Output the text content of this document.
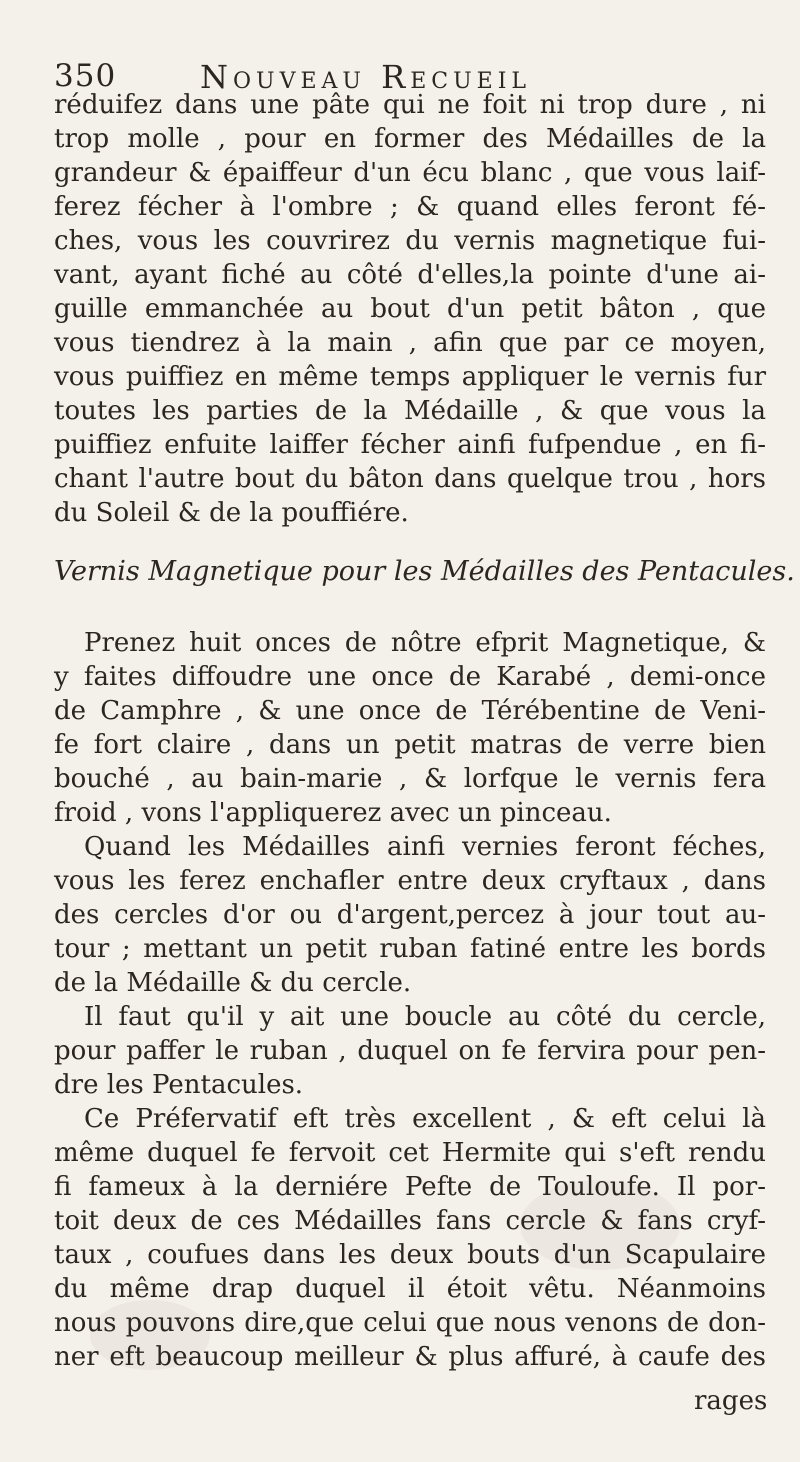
350	Nouveau Recueil
réduifez dans une pâte qui ne foit ni trop dure , ni
trop molle , pour en former des Médailles de la
grandeur & épaiffeur d'un écu blanc , que vous laif-
ferez fécher à l'ombre ; & quand elles feront fé-
ches, vous les couvrirez du vernis magnetique fui-
vant, ayant fiché au côté d'elles,la pointe d'une ai-
guille emmanchée au bout d'un petit bâton , que
vous tiendrez à la main , afin que par ce moyen,
vous puiffiez en même temps appliquer le vernis fur
toutes les parties de la Médaille , & que vous la
puiffiez enfuite laiffer fécher ainfi fufpendue , en fi-
chant l'autre bout du bâton dans quelque trou , hors
du Soleil & de la pouffiére.
Vernis Magnetique pour les Médailles des Pentacules.
Prenez huit onces de nôtre efprit Magnetique, &
y faites diffoudre une once de Karabé , demi-once
de Camphre , & une once de Térébentine de Veni-
fe fort claire , dans un petit matras de verre bien
bouché , au bain-marie , & lorfque le vernis fera
froid , vons l'appliquerez avec un pinceau.
Quand les Médailles ainfi vernies feront féches,
vous les ferez enchafler entre deux cryftaux , dans
des cercles d'or ou d'argent,percez à jour tout au-
tour ; mettant un petit ruban fatiné entre les bords
de la Médaille & du cercle.
Il faut qu'il y ait une boucle au côté du cercle,
pour paffer le ruban , duquel on fe fervira pour pen-
dre les Pentacules.
Ce Préfervatif eft très excellent , & eft celui là
même duquel fe fervoit cet Hermite qui s'eft rendu
fi fameux à la derniére Pefte de Touloufe. Il por-
toit deux de ces Médailles fans cercle & fans cryf-
taux , coufues dans les deux bouts d'un Scapulaire
du même drap duquel il étoit vêtu. Néanmoins
nous pouvons dire,que celui que nous venons de don-
ner eft beaucoup meilleur & plus affuré, à caufe des
rages
